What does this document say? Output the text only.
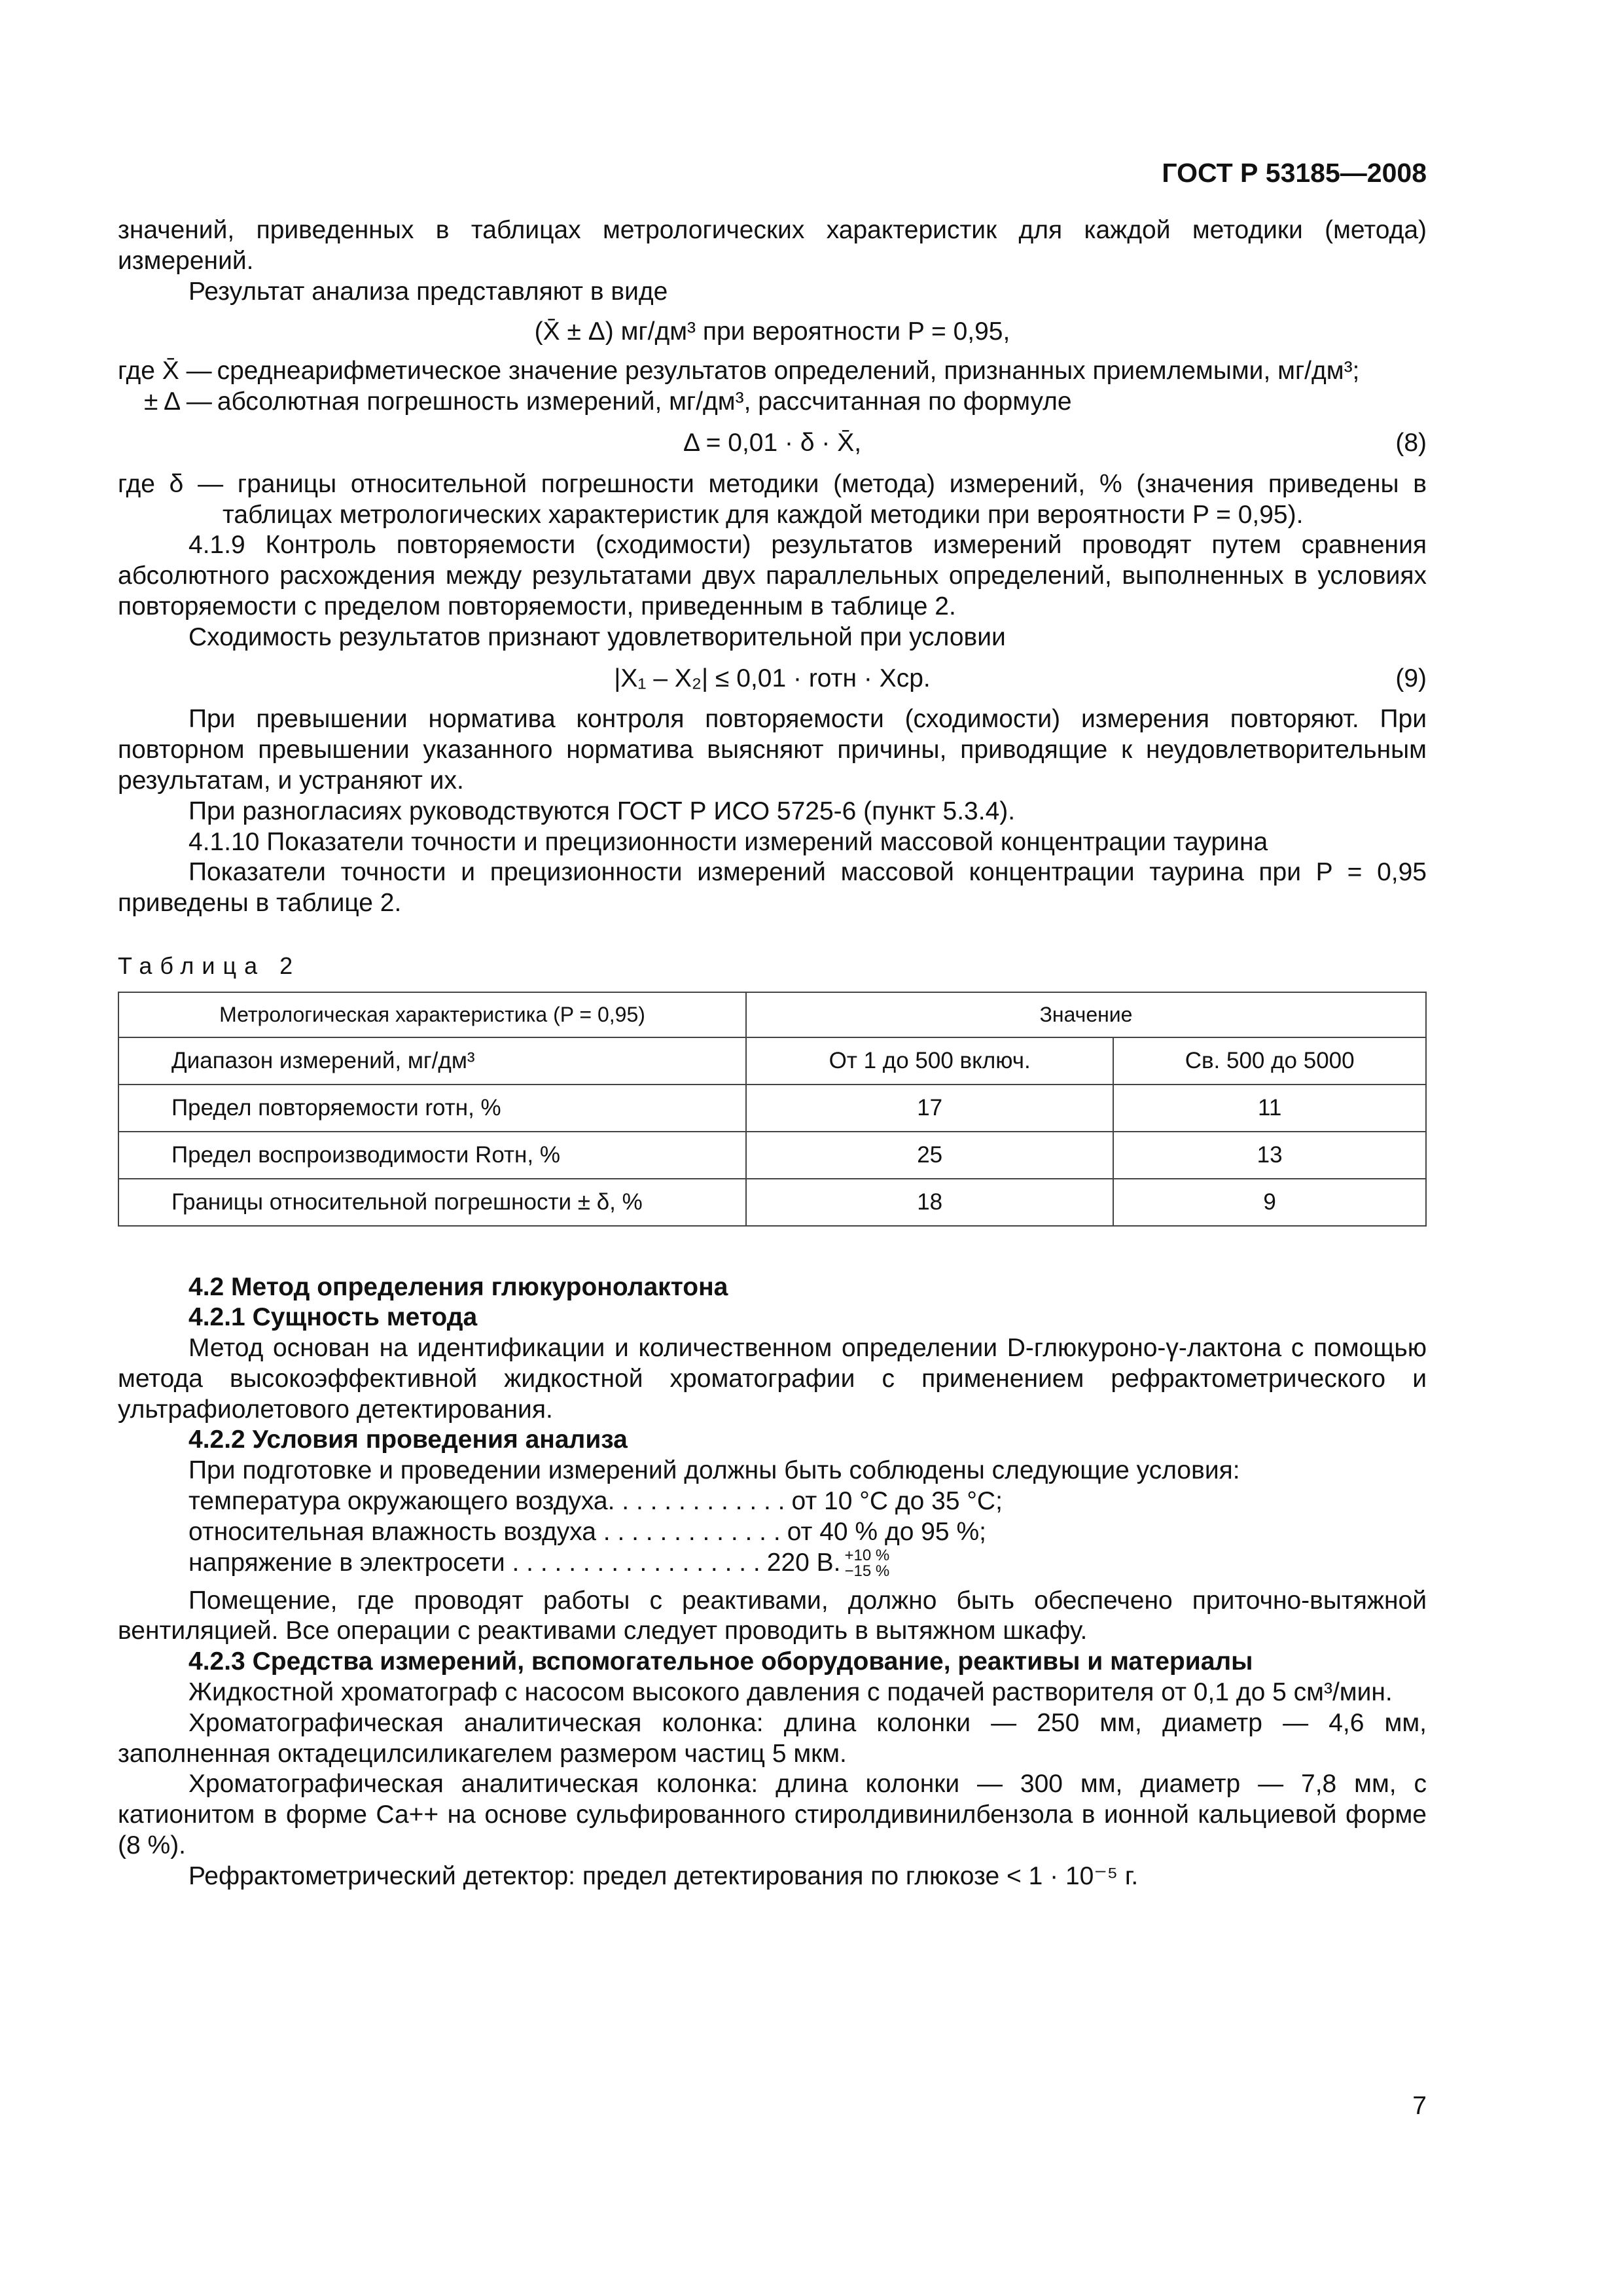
ГОСТ Р 53185—2008

значений, приведенных в таблицах метрологических характеристик для каждой методики (метода) измерений.

Результат анализа представляют в виде

(X̄ ± Δ) мг/дм³ при вероятности P = 0,95,
где X̄ — среднеарифметическое значение результатов определений, признанных приемлемыми, мг/дм³;
± Δ — абсолютная погрешность измерений, мг/дм³, рассчитанная по формуле
Δ = 0,01 · δ · X̄,	(8)

где δ — границы относительной погрешности методики (метода) измерений, % (значения приведены в таблицах метрологических характеристик для каждой методики при вероятности P = 0,95).

4.1.9 Контроль повторяемости (сходимости) результатов измерений проводят путем сравнения абсолютного расхождения между результатами двух параллельных определений, выполненных в условиях повторяемости с пределом повторяемости, приведенным в таблице 2.

Сходимость результатов признают удовлетворительной при условии

|X₁ – X₂| ≤ 0,01 · rотн · Xср.	(9)

При превышении норматива контроля повторяемости (сходимости) измерения повторяют. При повторном превышении указанного норматива выясняют причины, приводящие к неудовлетворительным результатам, и устраняют их.

При разногласиях руководствуются ГОСТ Р ИСО 5725-6 (пункт 5.3.4).

4.1.10 Показатели точности и прецизионности измерений массовой концентрации таурина

Показатели точности и прецизионности измерений массовой концентрации таурина при P = 0,95 приведены в таблице 2.

Таблица 2
Метрологическая характеристика (P = 0,95)	Значение	
Диапазон измерений, мг/дм³	От 1 до 500 включ.	Св. 500 до 5000
Предел повторяемости rотн, %	17	11
Предел воспроизводимости Rотн, %	25	13
Границы относительной погрешности ± δ, %	18	9

4.2 Метод определения глюкуронолактона

4.2.1 Сущность метода

Метод основан на идентификации и количественном определении D-глюкуроно-γ-лактона с помощью метода высокоэффективной жидкостной хроматографии с применением рефрактометрического и ультрафиолетового детектирования.

4.2.2 Условия проведения анализа

При подготовке и проведении измерений должны быть соблюдены следующие условия:

температура окружающего воздуха. . . . . . . . . . . . . от 10 °С до 35 °С;
относительная влажность воздуха . . . . . . . . . . . . . от 40 % до 95 %;
напряжение в электросети . . . . . . . . . . . . . . . . . . 220 В. +10 %
−15 %

Помещение, где проводят работы с реактивами, должно быть обеспечено приточно-вытяжной вентиляцией. Все операции с реактивами следует проводить в вытяжном шкафу.

4.2.3 Средства измерений, вспомогательное оборудование, реактивы и материалы

Жидкостной хроматограф с насосом высокого давления с подачей растворителя от 0,1 до 5 см³/мин.

Хроматографическая аналитическая колонка: длина колонки — 250 мм, диаметр — 4,6 мм, заполненная октадецилсиликагелем размером частиц 5 мкм.

Хроматографическая аналитическая колонка: длина колонки — 300 мм, диаметр — 7,8 мм, с катионитом в форме Са++ на основе сульфированного стиролдивинилбензола в ионной кальциевой форме (8 %).

Рефрактометрический детектор: предел детектирования по глюкозе < 1 · 10⁻⁵ г.

7
